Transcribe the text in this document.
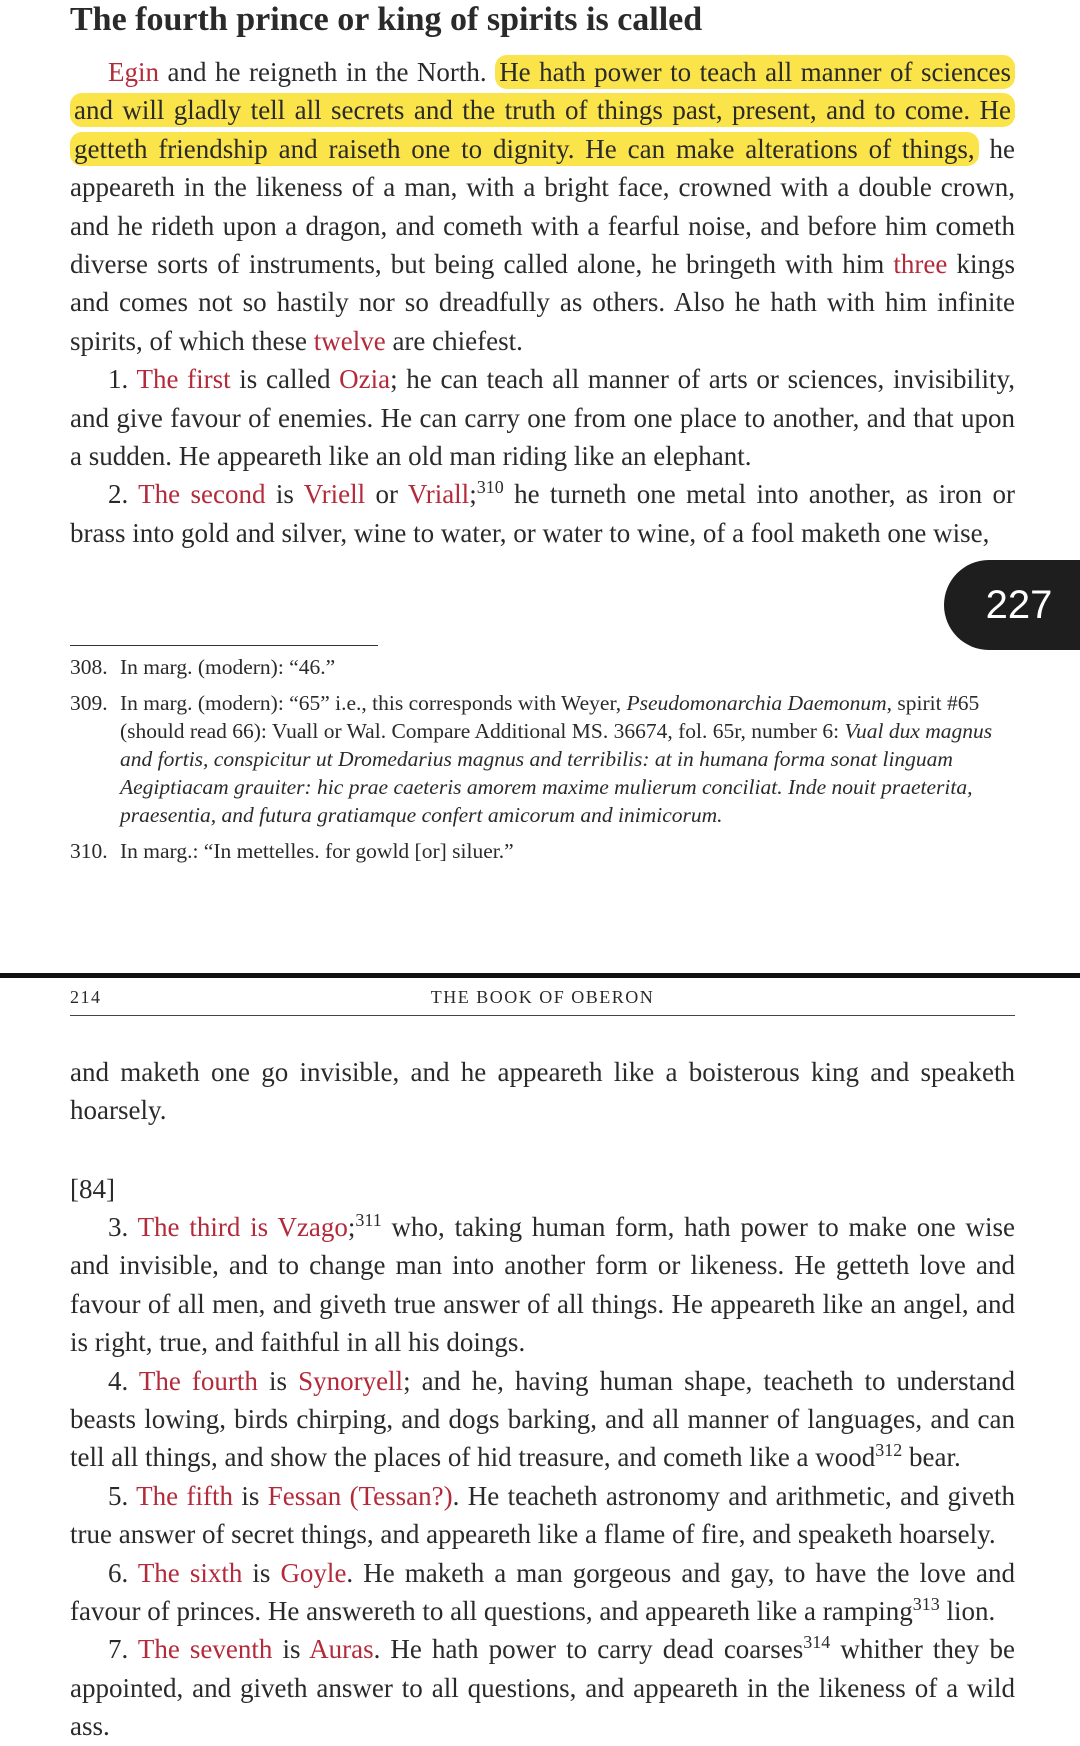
The fourth prince or king of spirits is called

Egin and he reigneth in the North. He hath power to teach all manner of sciences and will gladly tell all secrets and the truth of things past, present, and to come. He getteth friendship and raiseth one to dignity. He can make alterations of things, he appeareth in the likeness of a man, with a bright face, crowned with a double crown, and he rideth upon a dragon, and cometh with a fearful noise, and before him cometh diverse sorts of instruments, but being called alone, he bringeth with him three kings and comes not so hastily nor so dreadfully as others. Also he hath with him infinite spirits, of which these twelve are chiefest.

1. The first is called Ozia; he can teach all manner of arts or sciences, invisibility, and give favour of enemies. He can carry one from one place to another, and that upon a sudden. He appeareth like an old man riding like an elephant.

2. The second is Vriell or Vriall;$^{310}$ he turneth one metal into another, as iron or brass into gold and silver, wine to water, or water to wine, of a fool maketh one wise,

227
308. In marg. (modern): “46.”
309. In marg. (modern): “65” i.e., this corresponds with Weyer, Pseudomonarchia Daemonum, spirit #65 (should read 66): Vuall or Wal. Compare Additional MS. 36674, fol. 65r, number 6: Vual dux magnus and fortis, conspicitur ut Dromedarius magnus and terribilis: at in humana forma sonat linguam Aegiptiacam grauiter: hic prae caeteris amorem maxime mulierum conciliat. Inde nouit praeterita, praesentia, and futura gratiamque confert amicorum and inimicorum.
310. In marg.: “In mettelles. for gowld [or] siluer.”
214	THE BOOK OF OBERON

and maketh one go invisible, and he appeareth like a boisterous king and speaketh hoarsely.

[84]

3. The third is Vzago;$^{311}$ who, taking human form, hath power to make one wise and invisible, and to change man into another form or likeness. He getteth love and favour of all men, and giveth true answer of all things. He appeareth like an angel, and is right, true, and faithful in all his doings.

4. The fourth is Synoryell; and he, having human shape, teacheth to understand beasts lowing, birds chirping, and dogs barking, and all manner of languages, and can tell all things, and show the places of hid treasure, and cometh like a wood$^{312}$ bear.

5. The fifth is Fessan (Tessan?). He teacheth astronomy and arithmetic, and giveth true answer of secret things, and appeareth like a flame of fire, and speaketh hoarsely.

6. The sixth is Goyle. He maketh a man gorgeous and gay, to have the love and favour of princes. He answereth to all questions, and appeareth like a ramping$^{313}$ lion.

7. The seventh is Auras. He hath power to carry dead coarses$^{314}$ whither they be appointed, and giveth answer to all questions, and appeareth in the likeness of a wild ass.
